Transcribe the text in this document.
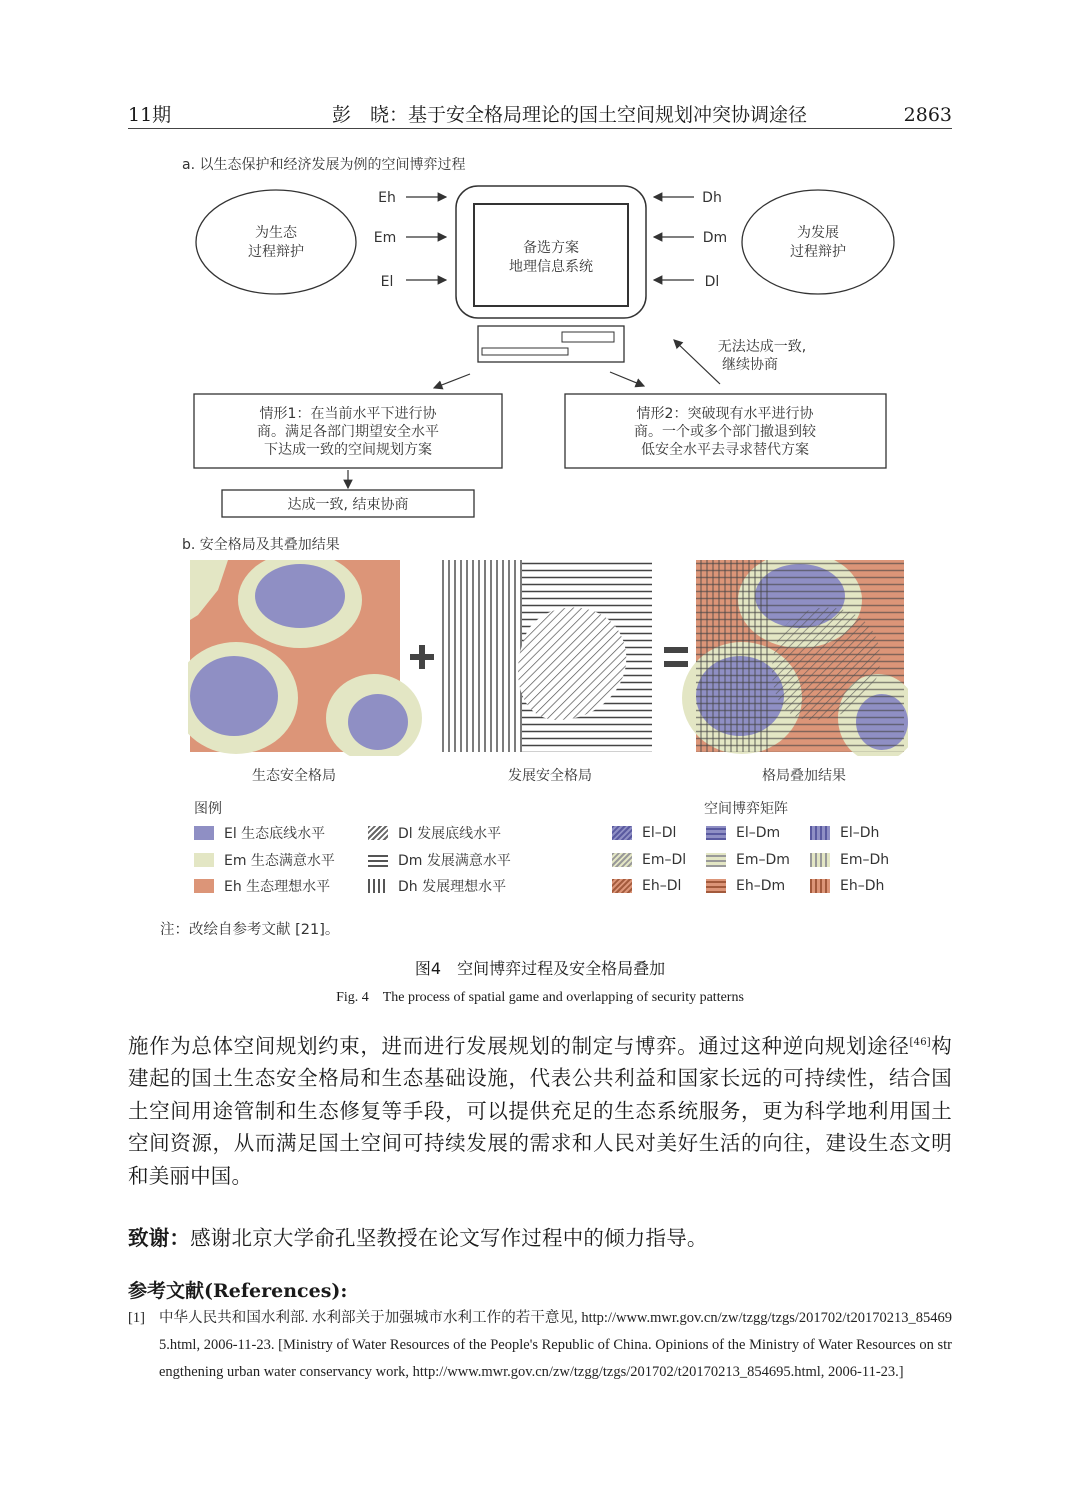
11期	彭　晓：基于安全格局理论的国土空间规划冲突协调途径	2863
a. 以生态保护和经济发展为例的空间博弈过程
为生态
过程辩护
为发展
过程辩护
Eh
Em
El
Dh
Dm
Dl
备选方案
地理信息系统
无法达成一致,
继续协商
情形1：在当前水平下进行协
商。满足各部门期望安全水平
下达成一致的空间规划方案
情形2：突破现有水平进行协
商。一个或多个部门撤退到较
低安全水平去寻求替代方案
达成一致, 结束协商
b. 安全格局及其叠加结果
生态安全格局	发展安全格局	格局叠加结果
图例	空间博弈矩阵
El 生态底线水平
Em 生态满意水平
Eh 生态理想水平
Dl 发展底线水平
Dm 发展满意水平
Dh 发展理想水平
El–Dl	El–Dm	El–Dh
Em–Dl	Em–Dm	Em–Dh
Eh–Dl	Eh–Dm	Eh–Dh
注：改绘自参考文献 [21]。
图4　空间博弈过程及安全格局叠加
Fig. 4　The process of spatial game and overlapping of security patterns
施作为总体空间规划约束，进而进行发展规划的制定与博弈。通过这种逆向规划途径[46]构建起的国土生态安全格局和生态基础设施，代表公共利益和国家长远的可持续性，结合国土空间用途管制和生态修复等手段，可以提供充足的生态系统服务，更为科学地利用国土空间资源，从而满足国土空间可持续发展的需求和人民对美好生活的向往，建设生态文明和美丽中国。
致谢：感谢北京大学俞孔坚教授在论文写作过程中的倾力指导。
参考文献(References):
[1] 中华人民共和国水利部. 水利部关于加强城市水利工作的若干意见, http://www.mwr.gov.cn/zw/tzgg/tzgs/201702/t20170213_854695.html, 2006-11-23. [Ministry of Water Resources of the People's Republic of China. Opinions of the Ministry of Water Resources on strengthening urban water conservancy work, http://www.mwr.gov.cn/zw/tzgg/tzgs/201702/t20170213_854695.html, 2006-11-23.]
